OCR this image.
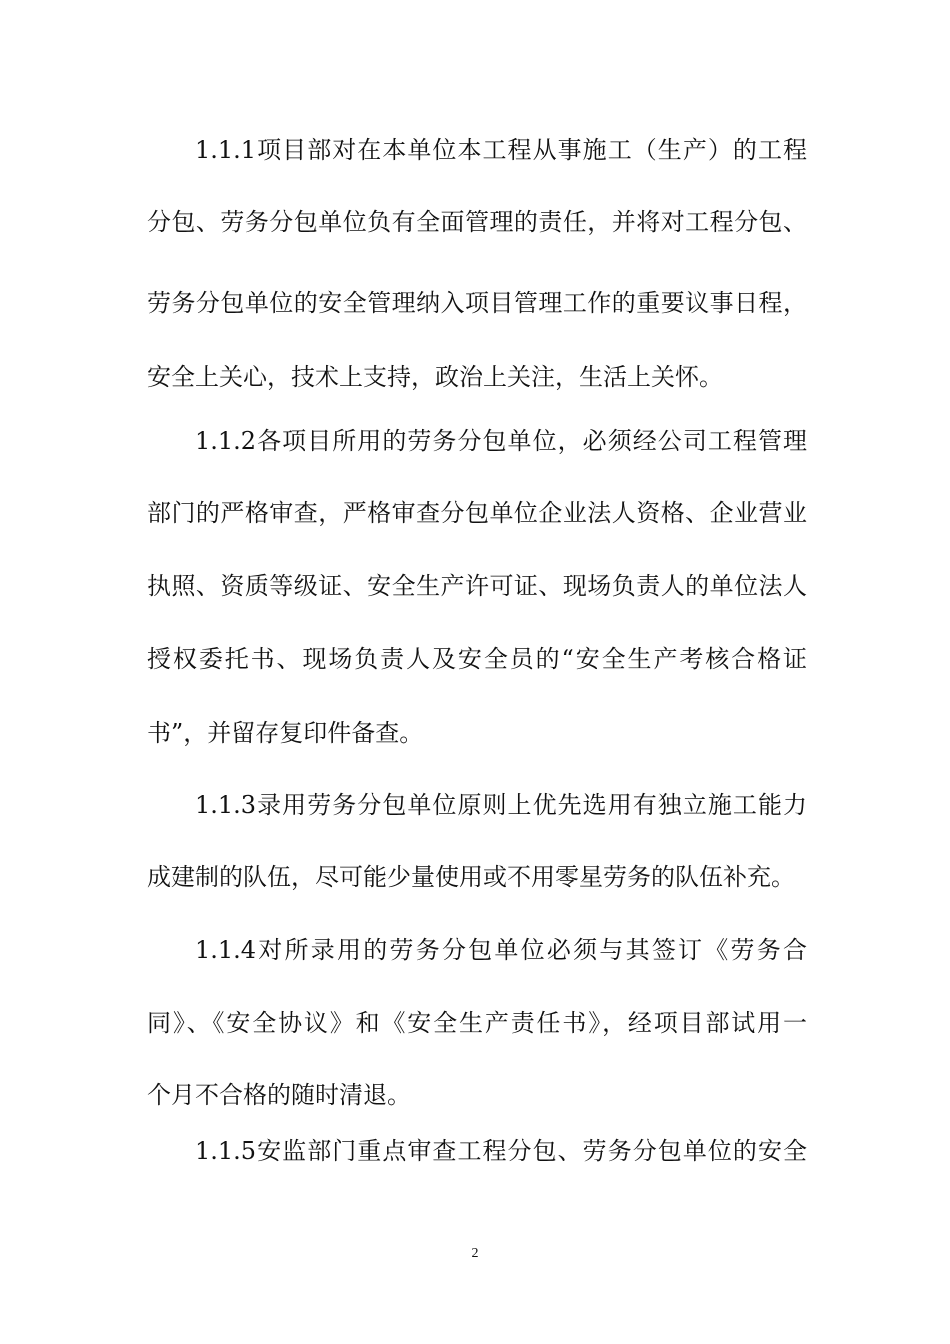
1.1.1项目部对在本单位本工程从事施工（生产）的工程
分包、劳务分包单位负有全面管理的责任，并将对工程分包、
劳务分包单位的安全管理纳入项目管理工作的重要议事日程，
安全上关心，技术上支持，政治上关注，生活上关怀。
1.1.2各项目所用的劳务分包单位，必须经公司工程管理
部门的严格审查，严格审查分包单位企业法人资格、企业营业
执照、资质等级证、安全生产许可证、现场负责人的单位法人
授权委托书、现场负责人及安全员的“安全生产考核合格证
书”，并留存复印件备查。
1.1.3录用劳务分包单位原则上优先选用有独立施工能力
成建制的队伍，尽可能少量使用或不用零星劳务的队伍补充。
1.1.4对所录用的劳务分包单位必须与其签订《劳务合
同》、《安全协议》和《安全生产责任书》，经项目部试用一
个月不合格的随时清退。
1.1.5安监部门重点审查工程分包、劳务分包单位的安全
2
